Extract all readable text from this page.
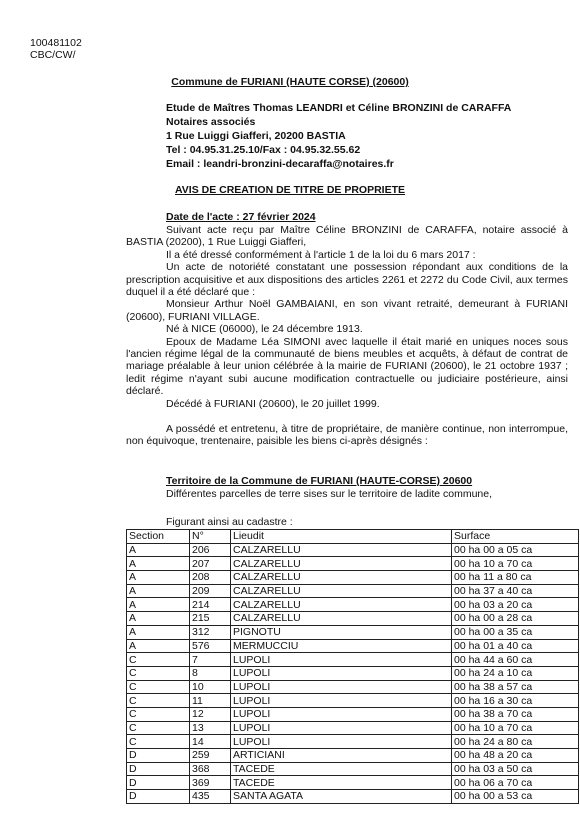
100481102
CBC/CW/
Commune de FURIANI (HAUTE CORSE) (20600)
Etude de Maîtres Thomas LEANDRI et Céline BRONZINI de CARAFFA
Notaires associés
1 Rue Luiggi Giafferi, 20200 BASTIA
Tel : 04.95.31.25.10/Fax : 04.95.32.55.62
Email : leandri-bronzini-decaraffa@notaires.fr
AVIS DE CREATION DE TITRE DE PROPRIETE
Date de l'acte : 27 février 2024

Suivant acte reçu par Maître Céline BRONZINI de CARAFFA, notaire associé à BASTIA (20200), 1 Rue Luiggi Giafferi,

Il a été dressé conformément à l'article 1 de la loi du 6 mars 2017 :

Un acte de notoriété constatant une possession répondant aux conditions de la prescription acquisitive et aux dispositions des articles 2261 et 2272 du Code Civil, aux termes duquel il a été déclaré que :

Monsieur Arthur Noël GAMBAIANI, en son vivant retraité, demeurant à FURIANI (20600), FURIANI VILLAGE.

Né à NICE (06000), le 24 décembre 1913.

Epoux de Madame Léa SIMONI avec laquelle il était marié en uniques noces sous l'ancien régime légal de la communauté de biens meubles et acquêts, à défaut de contrat de mariage préalable à leur union célébrée à la mairie de FURIANI (20600), le 21 octobre 1937 ; ledit régime n'ayant subi aucune modification contractuelle ou judiciaire postérieure, ainsi déclaré.

Décédé à FURIANI (20600), le 20 juillet 1999.

A possédé et entretenu, à titre de propriétaire, de manière continue, non interrompue, non équivoque, trentenaire, paisible les biens ci-après désignés :

Territoire de la Commune de FURIANI (HAUTE-CORSE) 20600
Différentes parcelles de terre sises sur le territoire de ladite commune,
Figurant ainsi au cadastre :
Section	N°	Lieudit	Surface
A	206	CALZARELLU	00 ha 00 a 05 ca
A	207	CALZARELLU	00 ha 10 a 70 ca
A	208	CALZARELLU	00 ha 11 a 80 ca
A	209	CALZARELLU	00 ha 37 a 40 ca
A	214	CALZARELLU	00 ha 03 a 20 ca
A	215	CALZARELLU	00 ha 00 a 28 ca
A	312	PIGNOTU	00 ha 00 a 35 ca
A	576	MERMUCCIU	00 ha 01 a 40 ca
C	7	LUPOLI	00 ha 44 a 60 ca
C	8	LUPOLI	00 ha 24 a 10 ca
C	10	LUPOLI	00 ha 38 a 57 ca
C	11	LUPOLI	00 ha 16 a 30 ca
C	12	LUPOLI	00 ha 38 a 70 ca
C	13	LUPOLI	00 ha 10 a 70 ca
C	14	LUPOLI	00 ha 24 a 80 ca
D	259	ARTICIANI	00 ha 48 a 20 ca
D	368	TACEDE	00 ha 03 a 50 ca
D	369	TACEDE	00 ha 06 a 70 ca
D	435	SANTA AGATA	00 ha 00 a 53 ca
